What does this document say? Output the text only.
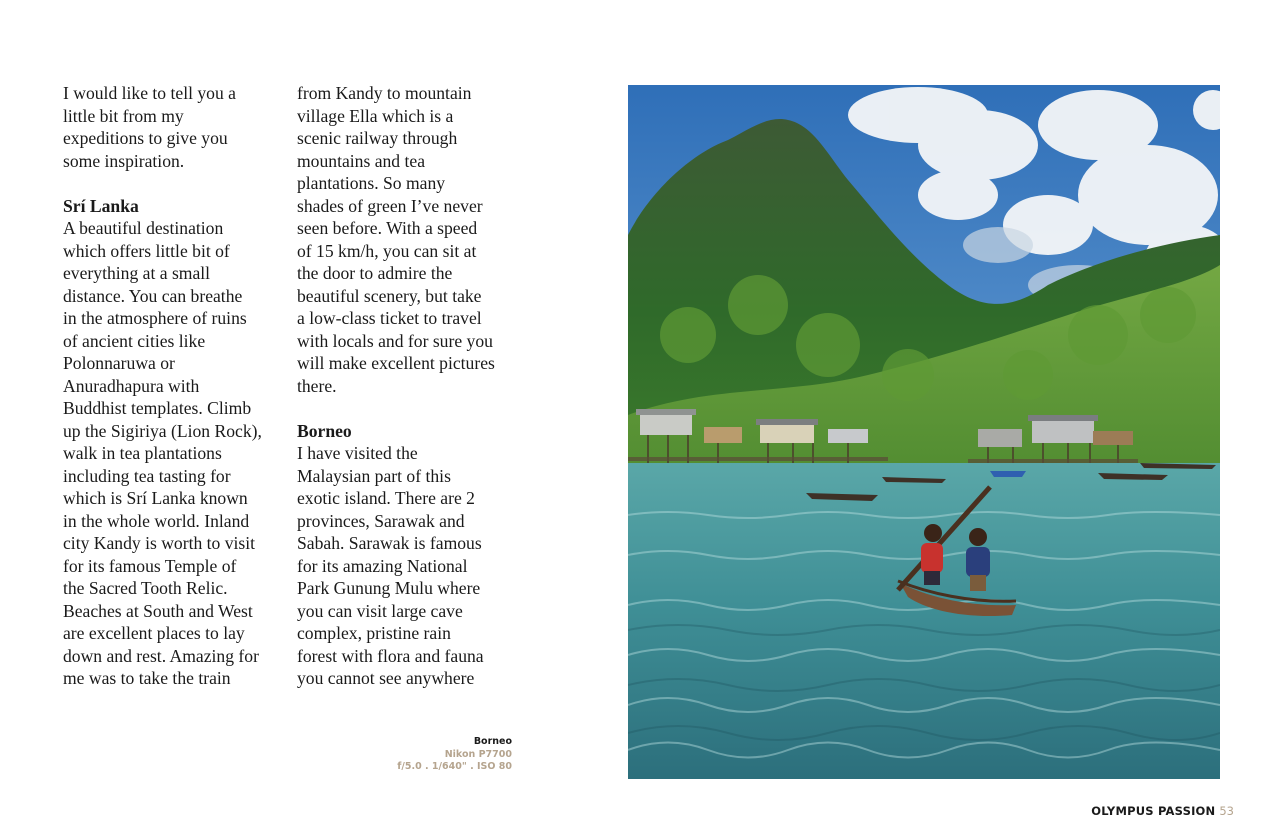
I would like to tell you a
little bit from my
expeditions to give you
some inspiration.

Srí Lanka

A beautiful destination
which offers little bit of
everything at a small
distance. You can breathe
in the atmosphere of ruins
of ancient cities like
Polonnaruwa or
Anuradhapura with
Buddhist templates. Climb
up the Sigiriya (Lion Rock),
walk in tea plantations
including tea tasting for
which is Srí Lanka known
in the whole world. Inland
city Kandy is worth to visit
for its famous Temple of
the Sacred Tooth Relic.
Beaches at South and West
are excellent places to lay
down and rest. Amazing for
me was to take the train

from Kandy to mountain
village Ella which is a
scenic railway through
mountains and tea
plantations. So many
shades of green I’ve never
seen before. With a speed
of 15 km/h, you can sit at
the door to admire the
beautiful scenery, but take
a low-class ticket to travel
with locals and for sure you
will make excellent pictures
there.

Borneo

I have visited the
Malaysian part of this
exotic island. There are 2
provinces, Sarawak and
Sabah. Sarawak is famous
for its amazing National
Park Gunung Mulu where
you can visit large cave
complex, pristine rain
forest with flora and fauna
you cannot see anywhere

Borneo
Nikon P7700
f/5.0 . 1/640" . ISO 80
OLYMPUS PASSION 53
